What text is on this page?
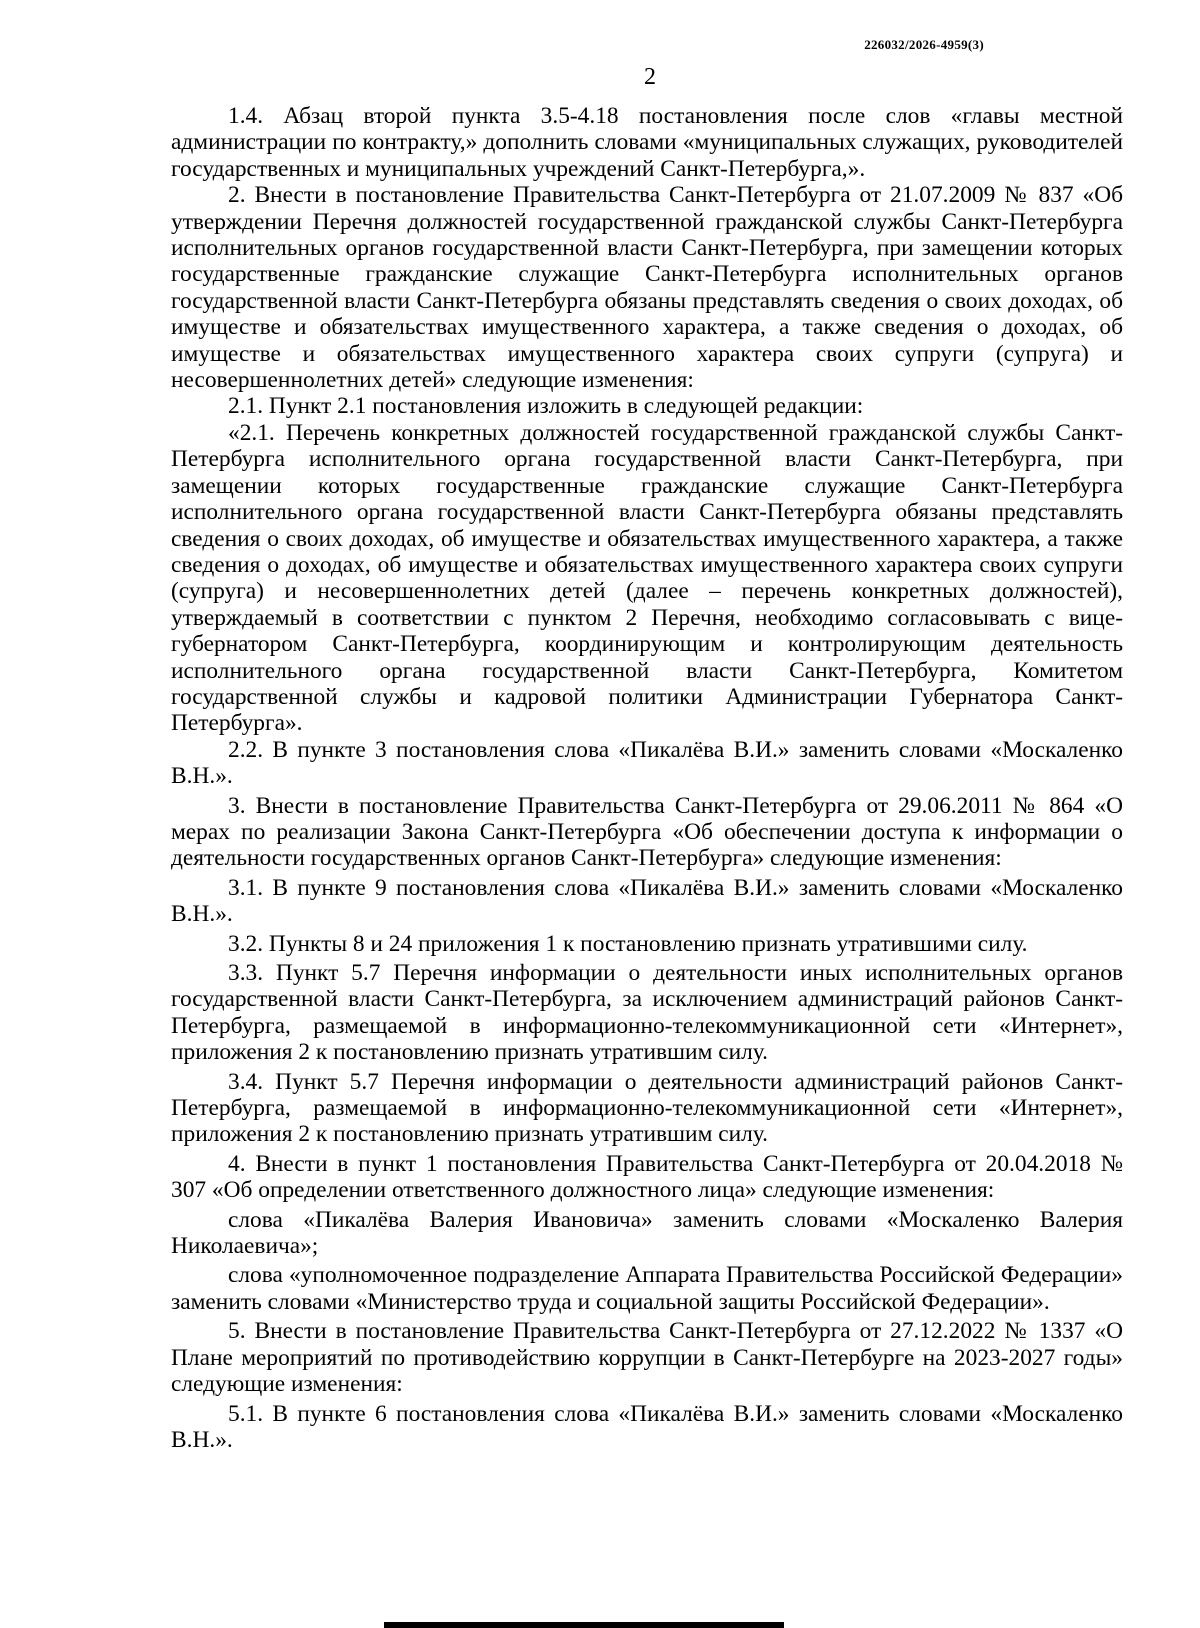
226032/2026-4959(3)
2

1.4. Абзац второй пункта 3.5-4.18 постановления после слов «главы местной администрации по контракту,» дополнить словами «муниципальных служащих, руководителей государственных и муниципальных учреждений Санкт-Петербурга,».

2. Внести в постановление Правительства Санкт-Петербурга от 21.07.2009 № 837 «Об утверждении Перечня должностей государственной гражданской службы Санкт-Петербурга исполнительных органов государственной власти Санкт-Петербурга, при замещении которых государственные гражданские служащие Санкт-Петербурга исполнительных органов государственной власти Санкт-Петербурга обязаны представлять сведения о своих доходах, об имуществе и обязательствах имущественного характера, а также сведения о доходах, об имуществе и обязательствах имущественного характера своих супруги (супруга) и несовершеннолетних детей» следующие изменения:

2.1. Пункт 2.1 постановления изложить в следующей редакции:

«2.1. Перечень конкретных должностей государственной гражданской службы Санкт-Петербурга исполнительного органа государственной власти Санкт-Петербурга, при замещении которых государственные гражданские служащие Санкт-Петербурга исполнительного органа государственной власти Санкт-Петербурга обязаны представлять сведения о своих доходах, об имуществе и обязательствах имущественного характера, а также сведения о доходах, об имуществе и обязательствах имущественного характера своих супруги (супруга) и несовершеннолетних детей (далее – перечень конкретных должностей), утверждаемый в соответствии с пунктом 2 Перечня, необходимо согласовывать с вице-губернатором Санкт-Петербурга, координирующим и контролирующим деятельность исполнительного органа государственной власти Санкт-Петербурга, Комитетом государственной службы и кадровой политики Администрации Губернатора Санкт-Петербурга».

2.2. В пункте 3 постановления слова «Пикалёва В.И.» заменить словами «Москаленко В.Н.».

3. Внести в постановление Правительства Санкт-Петербурга от 29.06.2011 № 864 «О мерах по реализации Закона Санкт-Петербурга «Об обеспечении доступа к информации о деятельности государственных органов Санкт-Петербурга» следующие изменения:

3.1. В пункте 9 постановления слова «Пикалёва В.И.» заменить словами «Москаленко В.Н.».

3.2. Пункты 8 и 24 приложения 1 к постановлению признать утратившими силу.

3.3. Пункт 5.7 Перечня информации о деятельности иных исполнительных органов государственной власти Санкт-Петербурга, за исключением администраций районов Санкт-Петербурга, размещаемой в информационно-телекоммуникационной сети «Интернет», приложения 2 к постановлению признать утратившим силу.

3.4. Пункт 5.7 Перечня информации о деятельности администраций районов Санкт-Петербурга, размещаемой в информационно-телекоммуникационной сети «Интернет», приложения 2 к постановлению признать утратившим силу.

4. Внести в пункт 1 постановления Правительства Санкт-Петербурга от 20.04.2018 № 307 «Об определении ответственного должностного лица» следующие изменения:

слова «Пикалёва Валерия Ивановича» заменить словами «Москаленко Валерия Николаевича»;

слова «уполномоченное подразделение Аппарата Правительства Российской Федерации» заменить словами «Министерство труда и социальной защиты Российской Федерации».

5. Внести в постановление Правительства Санкт-Петербурга от 27.12.2022 № 1337 «О Плане мероприятий по противодействию коррупции в Санкт-Петербурге на 2023-2027 годы» следующие изменения:

5.1. В пункте 6 постановления слова «Пикалёва В.И.» заменить словами «Москаленко В.Н.».
